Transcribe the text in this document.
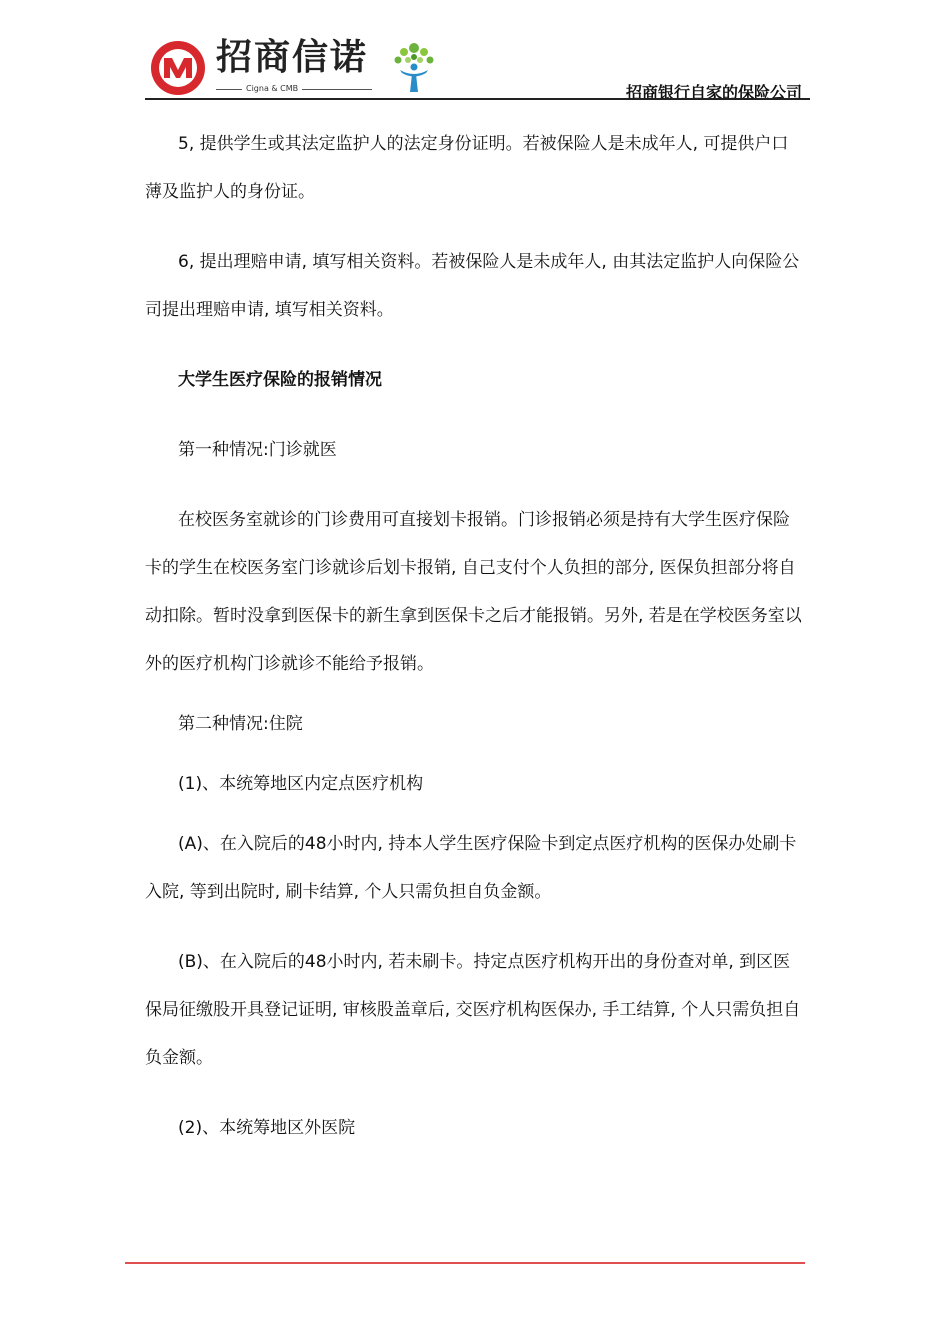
招商信诺
Cigna & CMB	招商银行自家的保险公司

5, 提供学生或其法定监护人的法定身份证明。若被保险人是未成年人, 可提供户口薄及监护人的身份证。

6, 提出理赔申请, 填写相关资料。若被保险人是未成年人, 由其法定监护人向保险公司提出理赔申请, 填写相关资料。

大学生医疗保险的报销情况

第一种情况:门诊就医

在校医务室就诊的门诊费用可直接划卡报销。门诊报销必须是持有大学生医疗保险卡的学生在校医务室门诊就诊后划卡报销, 自己支付个人负担的部分, 医保负担部分将自动扣除。暂时没拿到医保卡的新生拿到医保卡之后才能报销。另外, 若是在学校医务室以外的医疗机构门诊就诊不能给予报销。

第二种情况:住院

(1)、本统筹地区内定点医疗机构

(A)、在入院后的48小时内, 持本人学生医疗保险卡到定点医疗机构的医保办处刷卡入院, 等到出院时, 刷卡结算, 个人只需负担自负金额。

(B)、在入院后的48小时内, 若未刷卡。持定点医疗机构开出的身份查对单, 到区医保局征缴股开具登记证明, 审核股盖章后, 交医疗机构医保办, 手工结算, 个人只需负担自负金额。

(2)、本统筹地区外医院
